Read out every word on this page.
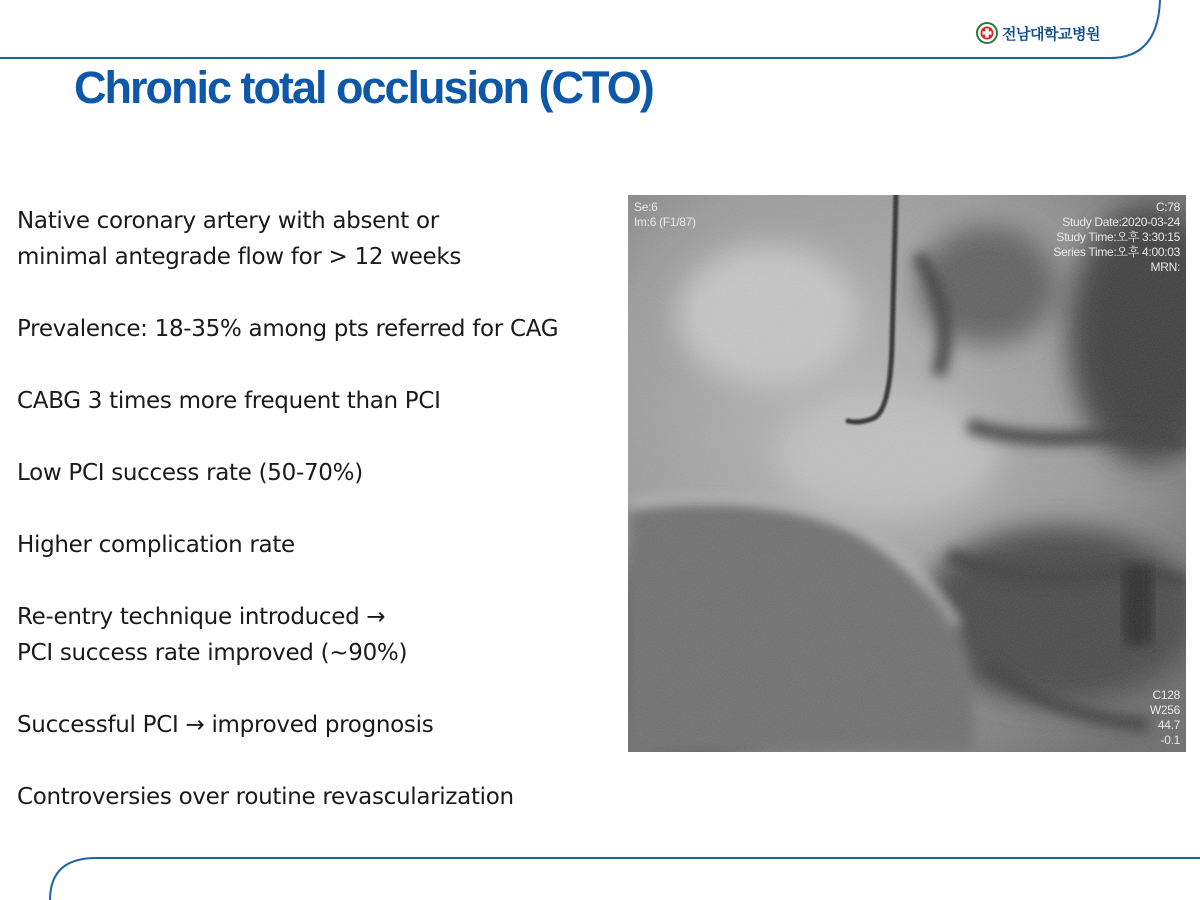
전남대학교병원
Chronic total occlusion (CTO)
Native coronary artery with absent or
minimal antegrade flow for > 12 weeks
Prevalence: 18-35% among pts referred for CAG
CABG 3 times more frequent than PCI
Low PCI success rate (50-70%)
Higher complication rate
Re-entry technique introduced →
PCI success rate improved (~90%)
Successful PCI → improved prognosis
Controversies over routine revascularization
Se:6
Im:6 (F1/87)
C:78
Study Date:2020-03-24
Study Time:오후 3:30:15
Series Time:오후 4:00:03
MRN:
C128
W256
44.7
-0.1
